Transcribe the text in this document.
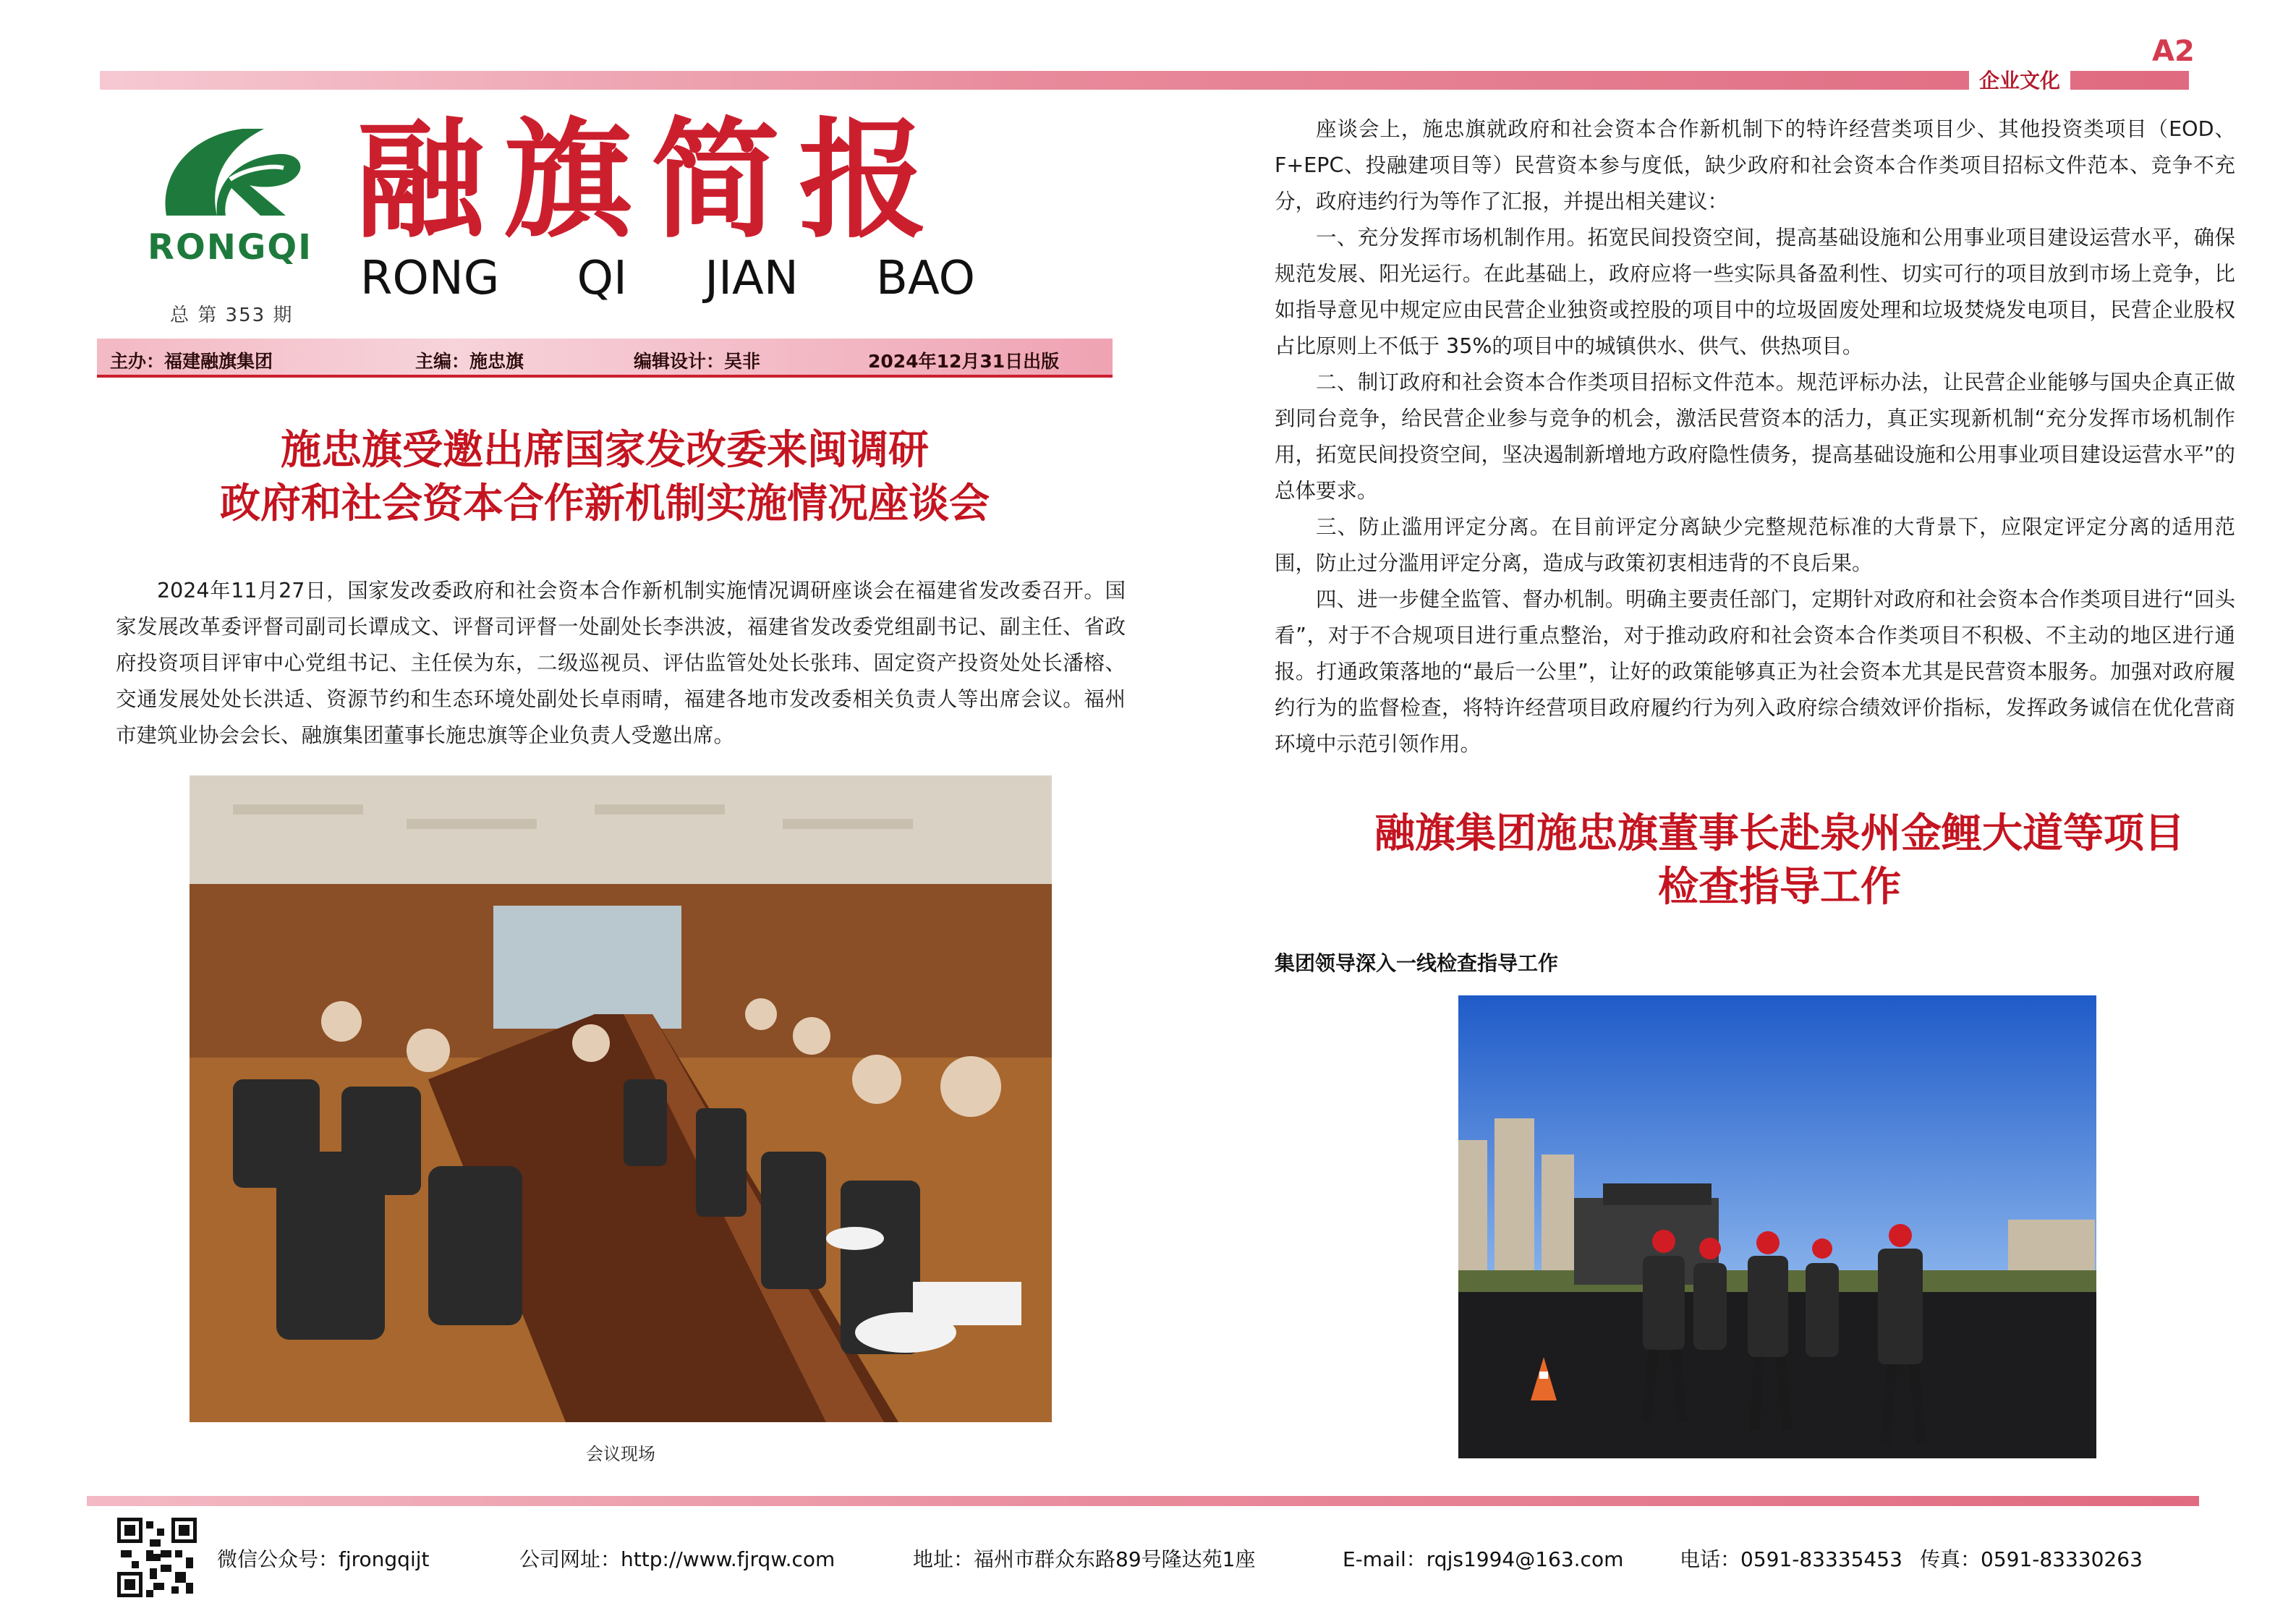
企业文化
A2
RONGQI
总 第 353 期
融旗简报
RONG QI JIAN BAO
主办：福建融旗集团	主编：施忠旗	编辑设计：吴非	2024年12月31日出版
施忠旗受邀出席国家发改委来闽调研
政府和社会资本合作新机制实施情况座谈会

2024年11月27日，国家发改委政府和社会资本合作新机制实施情况调研座谈会在福建省发改委召开。国家发展改革委评督司副司长谭成文、评督司评督一处副处长李洪波，福建省发改委党组副书记、副主任、省政府投资项目评审中心党组书记、主任侯为东，二级巡视员、评估监管处处长张玮、固定资产投资处处长潘榕、交通发展处处长洪适、资源节约和生态环境处副处长卓雨晴，福建各地市发改委相关负责人等出席会议。福州市建筑业协会会长、融旗集团董事长施忠旗等企业负责人受邀出席。

会议现场

座谈会上，施忠旗就政府和社会资本合作新机制下的特许经营类项目少、其他投资类项目（EOD、F+EPC、投融建项目等）民营资本参与度低，缺少政府和社会资本合作类项目招标文件范本、竞争不充分，政府违约行为等作了汇报，并提出相关建议：

一、充分发挥市场机制作用。拓宽民间投资空间，提高基础设施和公用事业项目建设运营水平，确保规范发展、阳光运行。在此基础上，政府应将一些实际具备盈利性、切实可行的项目放到市场上竞争，比如指导意见中规定应由民营企业独资或控股的项目中的垃圾固废处理和垃圾焚烧发电项目，民营企业股权占比原则上不低于 35%的项目中的城镇供水、供气、供热项目。

二、制订政府和社会资本合作类项目招标文件范本。规范评标办法，让民营企业能够与国央企真正做到同台竞争，给民营企业参与竞争的机会，激活民营资本的活力，真正实现新机制“充分发挥市场机制作用，拓宽民间投资空间，坚决遏制新增地方政府隐性债务，提高基础设施和公用事业项目建设运营水平”的总体要求。

三、防止滥用评定分离。在目前评定分离缺少完整规范标准的大背景下，应限定评定分离的适用范围，防止过分滥用评定分离，造成与政策初衷相违背的不良后果。

四、进一步健全监管、督办机制。明确主要责任部门，定期针对政府和社会资本合作类项目进行“回头看”，对于不合规项目进行重点整治，对于推动政府和社会资本合作类项目不积极、不主动的地区进行通报。打通政策落地的“最后一公里”，让好的政策能够真正为社会资本尤其是民营资本服务。加强对政府履约行为的监督检查，将特许经营项目政府履约行为列入政府综合绩效评价指标，发挥政务诚信在优化营商环境中示范引领作用。

融旗集团施忠旗董事长赴泉州金鲤大道等项目
检查指导工作
集团领导深入一线检查指导工作
微信公众号：fjrongqijt	公司网址：http://www.fjrqw.com	地址：福州市群众东路89号隆达苑1座	E-mail：rqjs1994@163.com	电话：0591-83335453 传真：0591-83330263
